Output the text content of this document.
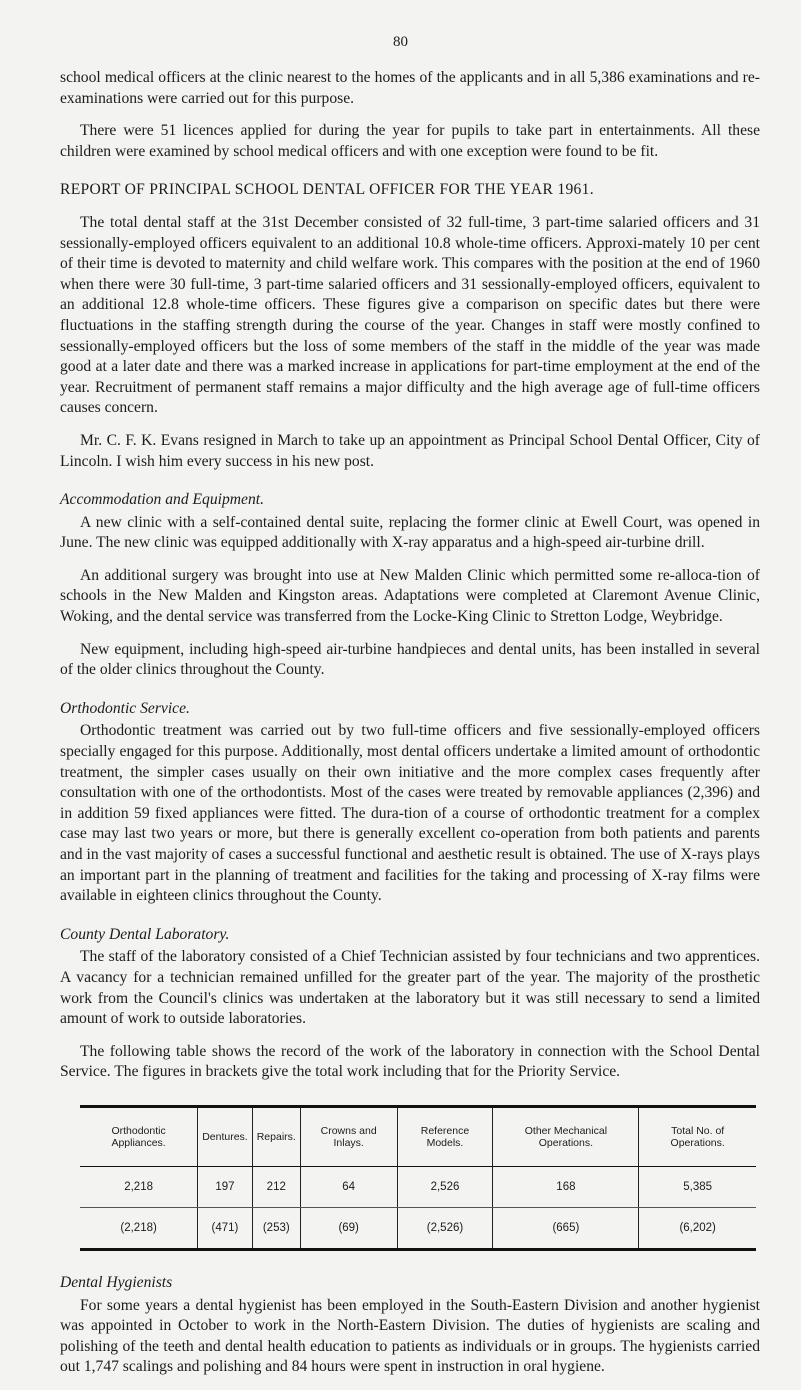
80

school medical officers at the clinic nearest to the homes of the applicants and in all 5,386 examinations and re-examinations were carried out for this purpose.

There were 51 licences applied for during the year for pupils to take part in entertainments. All these children were examined by school medical officers and with one exception were found to be fit.

REPORT OF PRINCIPAL SCHOOL DENTAL OFFICER FOR THE YEAR 1961.

The total dental staff at the 31st December consisted of 32 full-time, 3 part-time salaried officers and 31 sessionally-employed officers equivalent to an additional 10.8 whole-time officers. Approxi-mately 10 per cent of their time is devoted to maternity and child welfare work. This compares with the position at the end of 1960 when there were 30 full-time, 3 part-time salaried officers and 31 sessionally-employed officers, equivalent to an additional 12.8 whole-time officers. These figures give a comparison on specific dates but there were fluctuations in the staffing strength during the course of the year. Changes in staff were mostly confined to sessionally-employed officers but the loss of some members of the staff in the middle of the year was made good at a later date and there was a marked increase in applications for part-time employment at the end of the year. Recruitment of permanent staff remains a major difficulty and the high average age of full-time officers causes concern.

Mr. C. F. K. Evans resigned in March to take up an appointment as Principal School Dental Officer, City of Lincoln. I wish him every success in his new post.

Accommodation and Equipment.

A new clinic with a self-contained dental suite, replacing the former clinic at Ewell Court, was opened in June. The new clinic was equipped additionally with X-ray apparatus and a high-speed air-turbine drill.

An additional surgery was brought into use at New Malden Clinic which permitted some re-alloca-tion of schools in the New Malden and Kingston areas. Adaptations were completed at Claremont Avenue Clinic, Woking, and the dental service was transferred from the Locke-King Clinic to Stretton Lodge, Weybridge.

New equipment, including high-speed air-turbine handpieces and dental units, has been installed in several of the older clinics throughout the County.

Orthodontic Service.

Orthodontic treatment was carried out by two full-time officers and five sessionally-employed officers specially engaged for this purpose. Additionally, most dental officers undertake a limited amount of orthodontic treatment, the simpler cases usually on their own initiative and the more complex cases frequently after consultation with one of the orthodontists. Most of the cases were treated by removable appliances (2,396) and in addition 59 fixed appliances were fitted. The dura-tion of a course of orthodontic treatment for a complex case may last two years or more, but there is generally excellent co-operation from both patients and parents and in the vast majority of cases a successful functional and aesthetic result is obtained. The use of X-rays plays an important part in the planning of treatment and facilities for the taking and processing of X-ray films were available in eighteen clinics throughout the County.

County Dental Laboratory.

The staff of the laboratory consisted of a Chief Technician assisted by four technicians and two apprentices. A vacancy for a technician remained unfilled for the greater part of the year. The majority of the prosthetic work from the Council's clinics was undertaken at the laboratory but it was still necessary to send a limited amount of work to outside laboratories.

The following table shows the record of the work of the laboratory in connection with the School Dental Service. The figures in brackets give the total work including that for the Priority Service.

Orthodontic Appliances.	Dentures.	Repairs.	Crowns and Inlays.	Reference Models.	Other Mechanical Operations.	Total No. of Operations.
2,218	197	212	64	2,526	168	5,385
(2,218)	(471)	(253)	(69)	(2,526)	(665)	(6,202)
Dental Hygienists

For some years a dental hygienist has been employed in the South-Eastern Division and another hygienist was appointed in October to work in the North-Eastern Division. The duties of hygienists are scaling and polishing of the teeth and dental health education to patients as individuals or in groups. The hygienists carried out 1,747 scalings and polishing and 84 hours were spent in instruction in oral hygiene.
